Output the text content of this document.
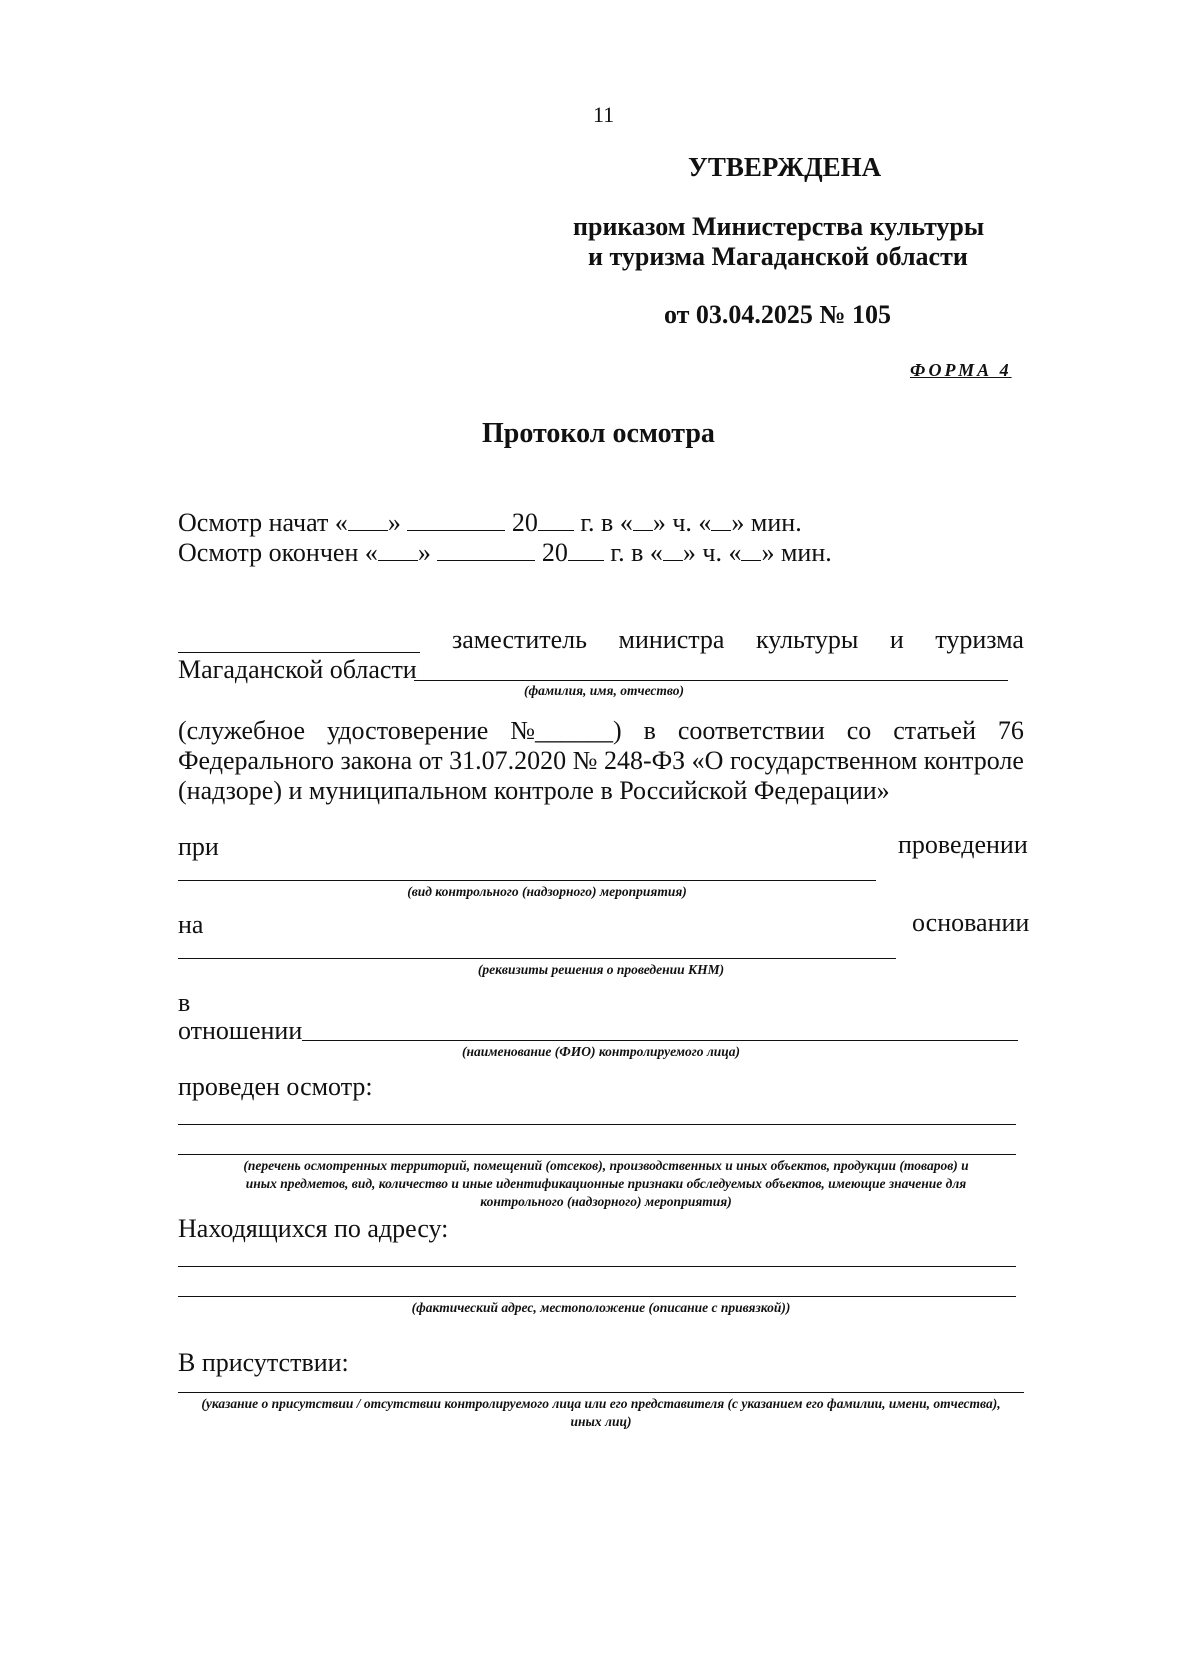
11
УТВЕРЖДЕНА
приказом Министерства культуры
и туризма Магаданской области
от 03.04.2025 № 105
ФОРМА 4
Протокол осмотра
Осмотр начат « »	20 г. в « » ч. « » мин.
Осмотр окончен « »	20 г. в « » ч. « » мин.
заместитель министра культуры и туризма
Магаданской области
(фамилия, имя, отчество)
(служебное удостоверение №______) в соответствии со статьей 76
Федерального закона от 31.07.2020 № 248-ФЗ «О государственном контроле
(надзоре) и муниципальном контроле в Российской Федерации»
при	проведении
(вид контрольного (надзорного) мероприятия)
на	основании
(реквизиты решения о проведении КНМ)
в
отношении
(наименование (ФИО) контролируемого лица)
проведен осмотр:
(перечень осмотренных территорий, помещений (отсеков), производственных и иных объектов, продукции (товаров) и
иных предметов, вид, количество и иные идентификационные признаки обследуемых объектов, имеющие значение для
контрольного (надзорного) мероприятия)
Находящихся по адресу:
(фактический адрес, местоположение (описание с привязкой))
В присутствии:
(указание о присутствии / отсутствии контролируемого лица или его представителя (с указанием его фамилии, имени, отчества),
иных лиц)
